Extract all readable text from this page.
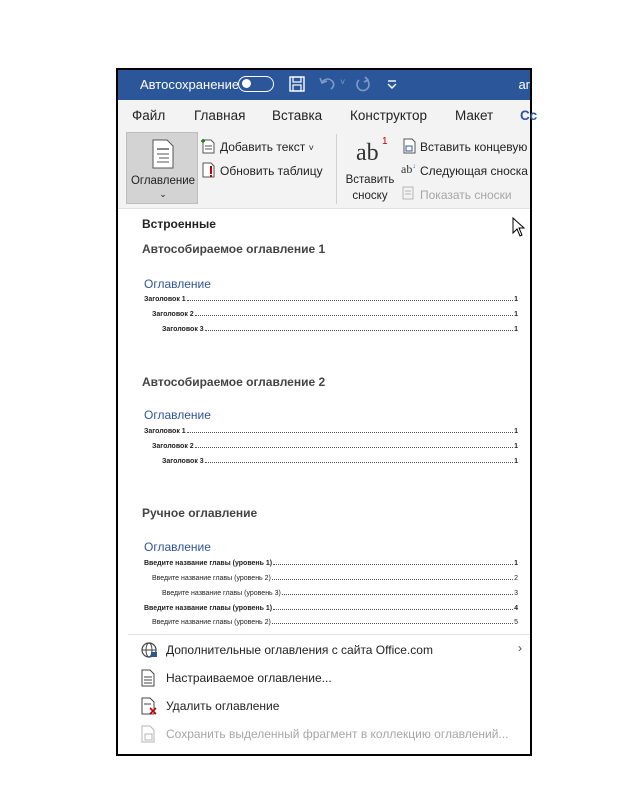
Автосохранение	˅	ar
Файл Главная Вставка Конструктор Макет Сс
Оглавление
⌄
Добавить текст ˅
Обновить таблицу
ab 1
Вставить
сноску
Вставить концевую
ab↓ Следующая сноска
Показать сноски
Встроенные
Автособираемое оглавление 1
Оглавление
Заголовок 1	1
Заголовок 2	1
Заголовок 3	1
Автособираемое оглавление 2
Оглавление
Заголовок 1	1
Заголовок 2	1
Заголовок 3	1
Ручное оглавление
Оглавление
Введите название главы (уровень 1)	1
Введите название главы (уровень 2)	2
Введите название главы (уровень 3)	3
Введите название главы (уровень 1)	4
Введите название главы (уровень 2)	5
Дополнительные оглавления с сайта Office.com	›
Настраиваемое оглавление...
Удалить оглавление
Сохранить выделенный фрагмент в коллекцию оглавлений...
